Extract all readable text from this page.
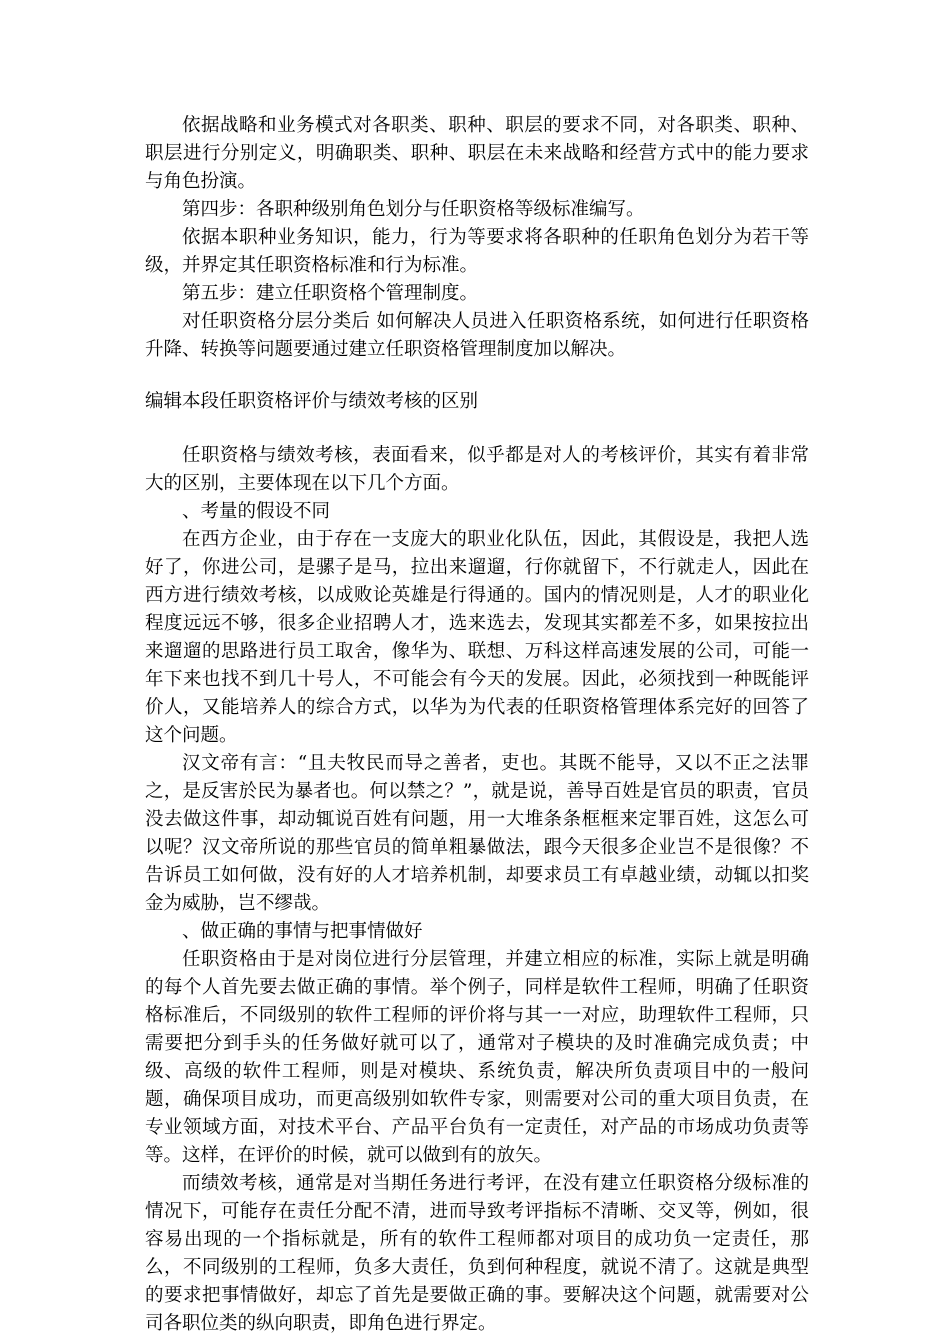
依据战略和业务模式对各职类、职种、职层的要求不同，对各职类、职种、职层进行分别定义，明确职类、职种、职层在未来战略和经营方式中的能力要求与角色扮演。

第四步：各职种级别角色划分与任职资格等级标准编写。

依据本职种业务知识，能力，行为等要求将各职种的任职角色划分为若干等级，并界定其任职资格标准和行为标准。

第五步：建立任职资格个管理制度。

对任职资格分层分类后 如何解决人员进入任职资格系统，如何进行任职资格升降、转换等问题要通过建立任职资格管理制度加以解决。

编辑本段任职资格评价与绩效考核的区别

任职资格与绩效考核，表面看来，似乎都是对人的考核评价，其实有着非常大的区别，主要体现在以下几个方面。

、考量的假设不同

在西方企业，由于存在一支庞大的职业化队伍，因此，其假设是，我把人选好了，你进公司，是骡子是马，拉出来遛遛，行你就留下，不行就走人，因此在西方进行绩效考核，以成败论英雄是行得通的。国内的情况则是，人才的职业化程度远远不够，很多企业招聘人才，选来选去，发现其实都差不多，如果按拉出来遛遛的思路进行员工取舍，像华为、联想、万科这样高速发展的公司，可能一年下来也找不到几十号人，不可能会有今天的发展。因此，必须找到一种既能评价人，又能培养人的综合方式，以华为为代表的任职资格管理体系完好的回答了这个问题。

汉文帝有言：“且夫牧民而导之善者，吏也。其既不能导，又以不正之法罪之，是反害於民为暴者也。何以禁之？”，就是说，善导百姓是官员的职责，官员没去做这件事，却动辄说百姓有问题，用一大堆条条框框来定罪百姓，这怎么可以呢？汉文帝所说的那些官员的简单粗暴做法，跟今天很多企业岂不是很像？不告诉员工如何做，没有好的人才培养机制，却要求员工有卓越业绩，动辄以扣奖金为威胁，岂不缪哉。

、做正确的事情与把事情做好

任职资格由于是对岗位进行分层管理，并建立相应的标准，实际上就是明确的每个人首先要去做正确的事情。举个例子，同样是软件工程师，明确了任职资格标准后，不同级别的软件工程师的评价将与其一一对应，助理软件工程师，只需要把分到手头的任务做好就可以了，通常对子模块的及时准确完成负责；中级、高级的软件工程师，则是对模块、系统负责，解决所负责项目中的一般问题，确保项目成功，而更高级别如软件专家，则需要对公司的重大项目负责，在专业领域方面，对技术平台、产品平台负有一定责任，对产品的市场成功负责等等。这样，在评价的时候，就可以做到有的放矢。

而绩效考核，通常是对当期任务进行考评，在没有建立任职资格分级标准的情况下，可能存在责任分配不清，进而导致考评指标不清晰、交叉等，例如，很容易出现的一个指标就是，所有的软件工程师都对项目的成功负一定责任，那么，不同级别的工程师，负多大责任，负到何种程度，就说不清了。这就是典型的要求把事情做好，却忘了首先是要做正确的事。要解决这个问题，就需要对公司各职位类的纵向职责，即角色进行界定。
